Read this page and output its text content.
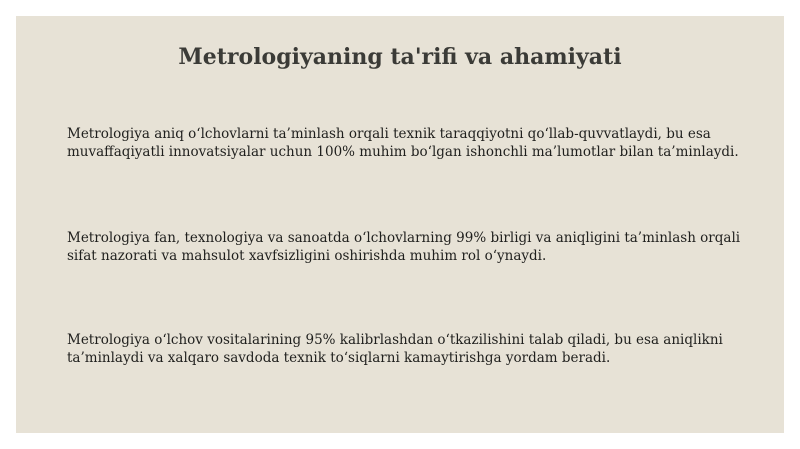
Metrologiyaning ta'rifi va ahamiyati

Metrologiya aniq o‘lchovlarni ta’minlash orqali texnik taraqqiyotni qo‘llab-quvvatlaydi, bu esa muvaffaqiyatli innovatsiyalar uchun 100% muhim bo‘lgan ishonchli ma’lumotlar bilan ta’minlaydi.

Metrologiya fan, texnologiya va sanoatda o‘lchovlarning 99% birligi va aniqligini ta’minlash orqali sifat nazorati va mahsulot xavfsizligini oshirishda muhim rol o‘ynaydi.

Metrologiya o‘lchov vositalarining 95% kalibrlashdan o‘tkazilishini talab qiladi, bu esa aniqlikni ta’minlaydi va xalqaro savdoda texnik to‘siqlarni kamaytirishga yordam beradi.
